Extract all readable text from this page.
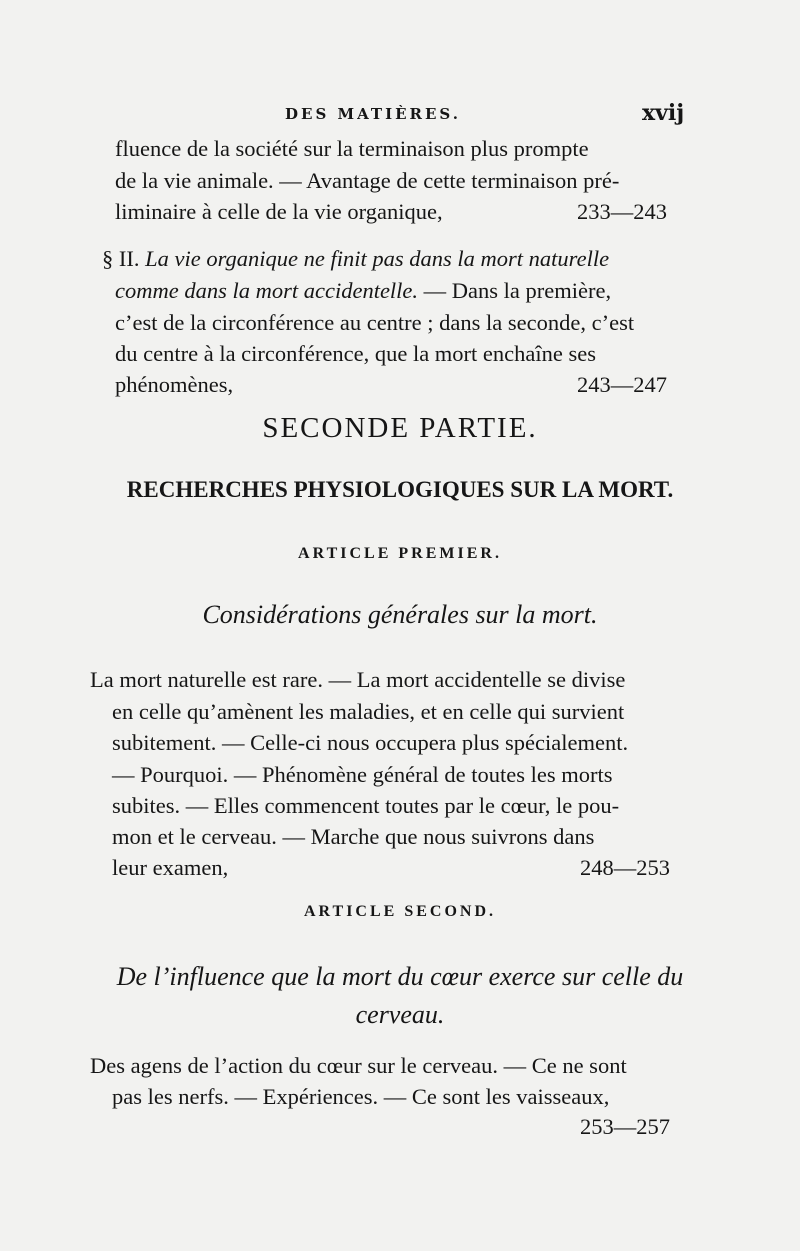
DES MATIÈRES.	xvij
fluence de la société sur la terminaison plus prompte
de la vie animale. — Avantage de cette terminaison pré-
liminaire à celle de la vie organique,	233—243
§ II. La vie organique ne finit pas dans la mort naturelle
comme dans la mort accidentelle. — Dans la première,
c’est de la circonférence au centre ; dans la seconde, c’est
du centre à la circonférence, que la mort enchaîne ses
phénomènes,	243—247
SECONDE PARTIE.
RECHERCHES PHYSIOLOGIQUES SUR LA MORT.
ARTICLE PREMIER.
Considérations générales sur la mort.
La mort naturelle est rare. — La mort accidentelle se divise
en celle qu’amènent les maladies, et en celle qui survient
subitement. — Celle-ci nous occupera plus spécialement.
— Pourquoi. — Phénomène général de toutes les morts
subites. — Elles commencent toutes par le cœur, le pou-
mon et le cerveau. — Marche que nous suivrons dans
leur examen,	248—253
ARTICLE SECOND.
De l’influence que la mort du cœur exerce sur celle du
cerveau.
Des agens de l’action du cœur sur le cerveau. — Ce ne sont
pas les nerfs. — Expériences. — Ce sont les vaisseaux,
253—257
